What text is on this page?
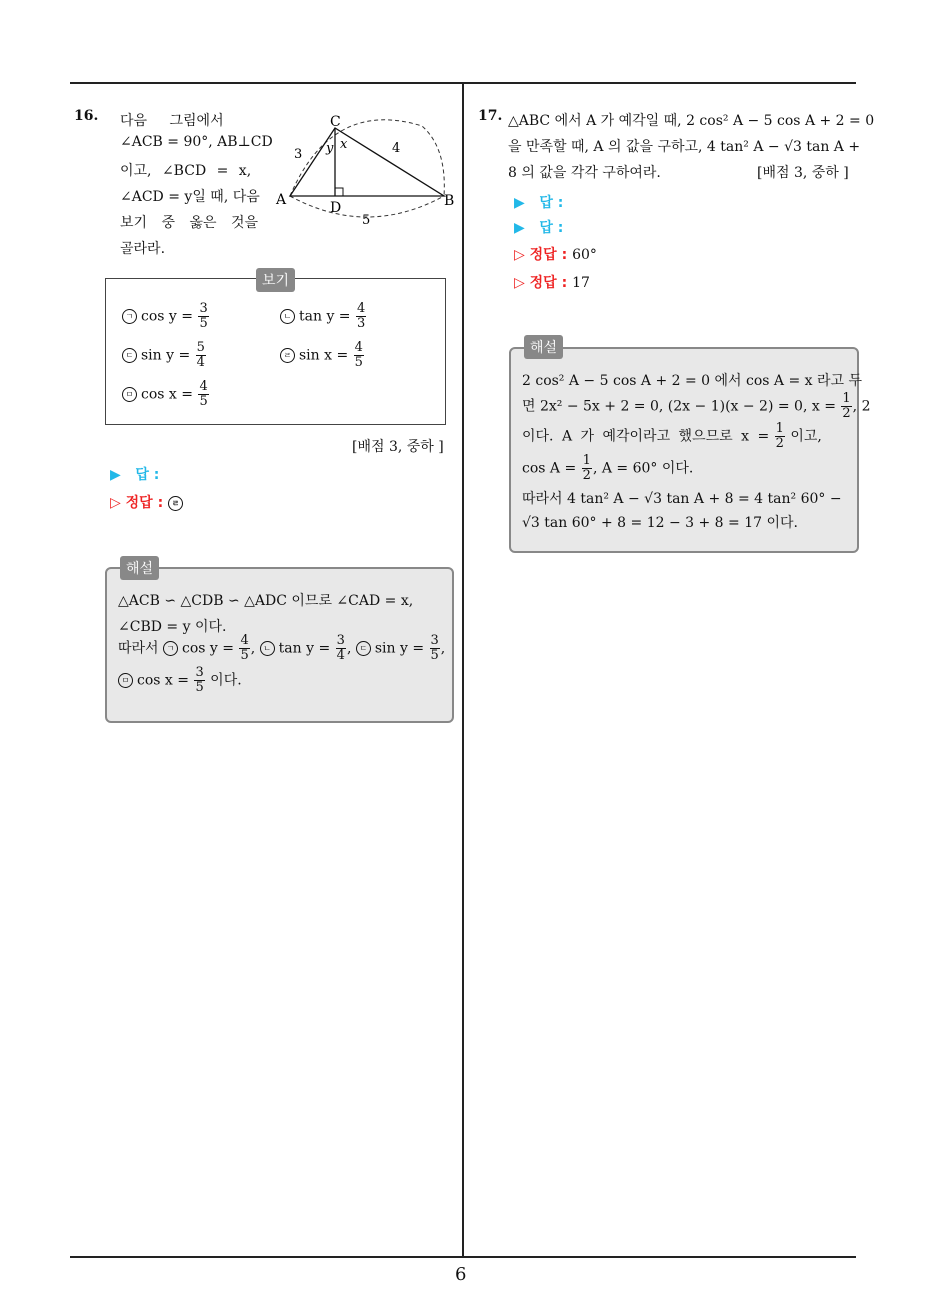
6
16. 다음 그림에서
∠ACB = 90°, AB⊥CD
이고, ∠BCD = x,
∠ACD = y일 때, 다음
보기 중 옳은 것을
골라라.
C
A	B
D
3	4
5
y x
보기
ㄱ $\cos y = \frac{3}{5}$	ㄴ $\tan y = \frac{4}{3}$
ㄷ $\sin y = \frac{5}{4}$	ㄹ $\sin x = \frac{4}{5}$
ㅁ $\cos x = \frac{4}{5}$
[배점 3, 중하 ]
▶ 답 :
▷ 정답 : ㄹ
해설
△ACB ∽ △CDB ∽ △ADC 이므로 ∠CAD = x,
∠CBD = y 이다.
따라서 ㄱ $\cos y = \frac{4}{5}$ , ㄴ $\tan y = \frac{3}{4}$ , ㄷ $\sin y = \frac{3}{5}$ ,
ㅁ $\cos x = \frac{3}{5}$ 이다.
17. △ABC 에서 A 가 예각일 때, 2 cos² A − 5 cos A + 2 = 0
을 만족할 때, A 의 값을 구하고, 4 tan² A − √3 tan A +
8 의 값을 각각 구하여라.	[배점 3, 중하 ]
▶ 답 :
▶ 답 :
▷ 정답 : 60°
▷ 정답 : 17
해설
2 cos² A − 5 cos A + 2 = 0 에서 cos A = x 라고 두
면 2x² − 5x + 2 = 0, (2x − 1)(x − 2) = 0, $x = \frac{1}{2}$ , 2
이다. A 가 예각이라고 했으므로 $x = \frac{1}{2}$ 이고,
$\cos A = \frac{1}{2}$ , A = 60° 이다.
따라서 4 tan² A − √3 tan A + 8 = 4 tan² 60° −
√3 tan 60° + 8 = 12 − 3 + 8 = 17 이다.
